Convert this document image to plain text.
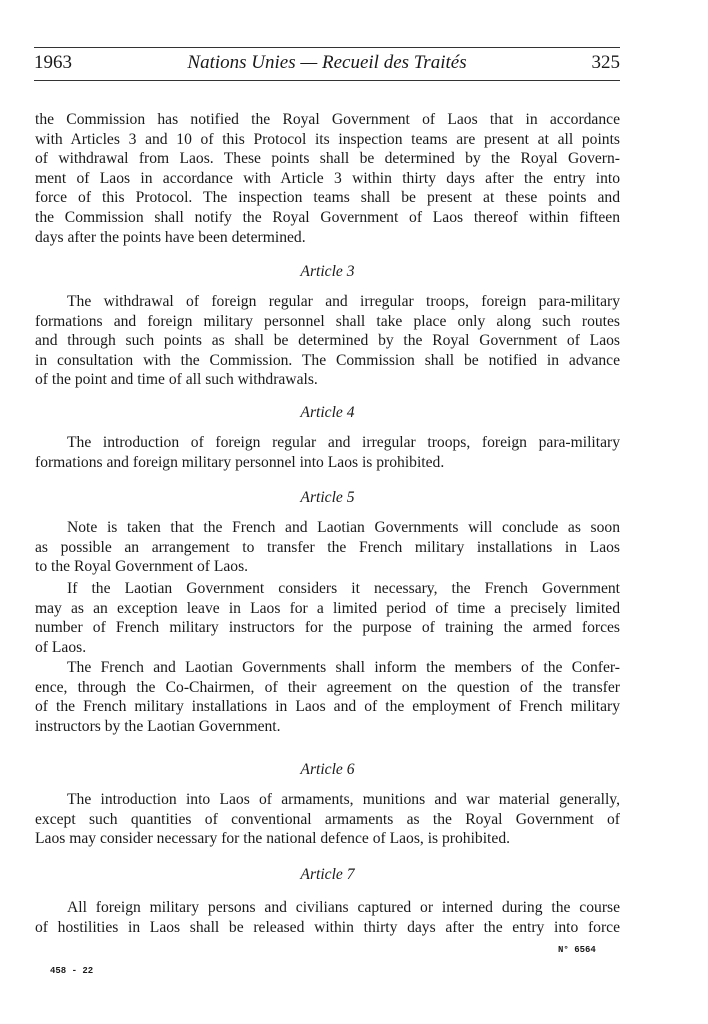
1963	Nations Unies — Recueil des Traités	325
the Commission has notified the Royal Government of Laos that in accordance
with Articles 3 and 10 of this Protocol its inspection teams are present at all points
of withdrawal from Laos. These points shall be determined by the Royal Govern-
ment of Laos in accordance with Article 3 within thirty days after the entry into
force of this Protocol. The inspection teams shall be present at these points and
the Commission shall notify the Royal Government of Laos thereof within fifteen
days after the points have been determined.
Article 3
The withdrawal of foreign regular and irregular troops, foreign para-military
formations and foreign military personnel shall take place only along such routes
and through such points as shall be determined by the Royal Government of Laos
in consultation with the Commission. The Commission shall be notified in advance
of the point and time of all such withdrawals.
Article 4
The introduction of foreign regular and irregular troops, foreign para-military
formations and foreign military personnel into Laos is prohibited.
Article 5
Note is taken that the French and Laotian Governments will conclude as soon
as possible an arrangement to transfer the French military installations in Laos
to the Royal Government of Laos.
If the Laotian Government considers it necessary, the French Government
may as an exception leave in Laos for a limited period of time a precisely limited
number of French military instructors for the purpose of training the armed forces
of Laos.
The French and Laotian Governments shall inform the members of the Confer-
ence, through the Co-Chairmen, of their agreement on the question of the transfer
of the French military installations in Laos and of the employment of French military
instructors by the Laotian Government.
Article 6
The introduction into Laos of armaments, munitions and war material generally,
except such quantities of conventional armaments as the Royal Government of
Laos may consider necessary for the national defence of Laos, is prohibited.
Article 7
All foreign military persons and civilians captured or interned during the course
of hostilities in Laos shall be released within thirty days after the entry into force
N° 6564
458 - 22
